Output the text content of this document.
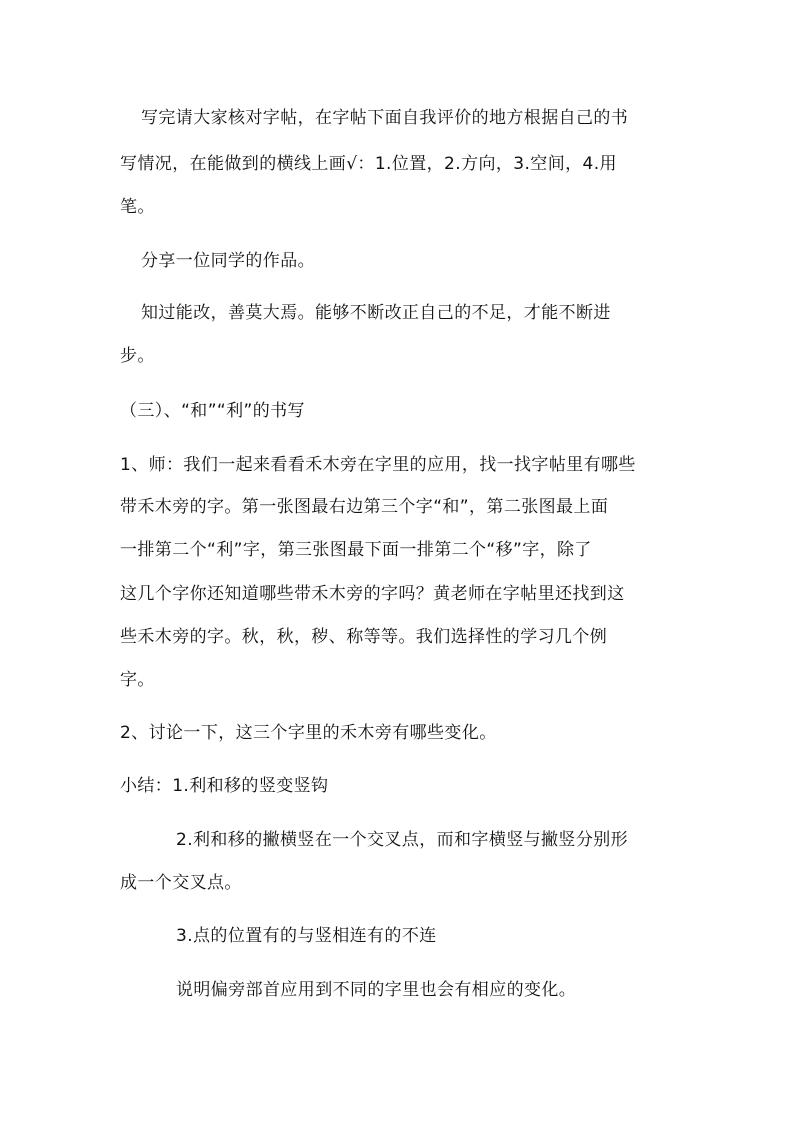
写完请大家核对字帖，在字帖下面自我评价的地方根据自己的书
写情况，在能做到的横线上画√：1.位置，2.方向，3.空间，4.用
笔。
分享一位同学的作品。
知过能改，善莫大焉。能够不断改正自己的不足，才能不断进
步。
（三）、“和”“利”的书写
1、师：我们一起来看看禾木旁在字里的应用，找一找字帖里有哪些
带禾木旁的字。第一张图最右边第三个字“和”，第二张图最上面
一排第二个“利”字，第三张图最下面一排第二个“移”字，除了
这几个字你还知道哪些带禾木旁的字吗？黄老师在字帖里还找到这
些禾木旁的字。秋，秋，秽、称等等。我们选择性的学习几个例
字。
2、讨论一下，这三个字里的禾木旁有哪些变化。
小结：1.利和移的竖变竖钩
2.利和移的撇横竖在一个交叉点，而和字横竖与撇竖分别形
成一个交叉点。
3.点的位置有的与竖相连有的不连
说明偏旁部首应用到不同的字里也会有相应的变化。
